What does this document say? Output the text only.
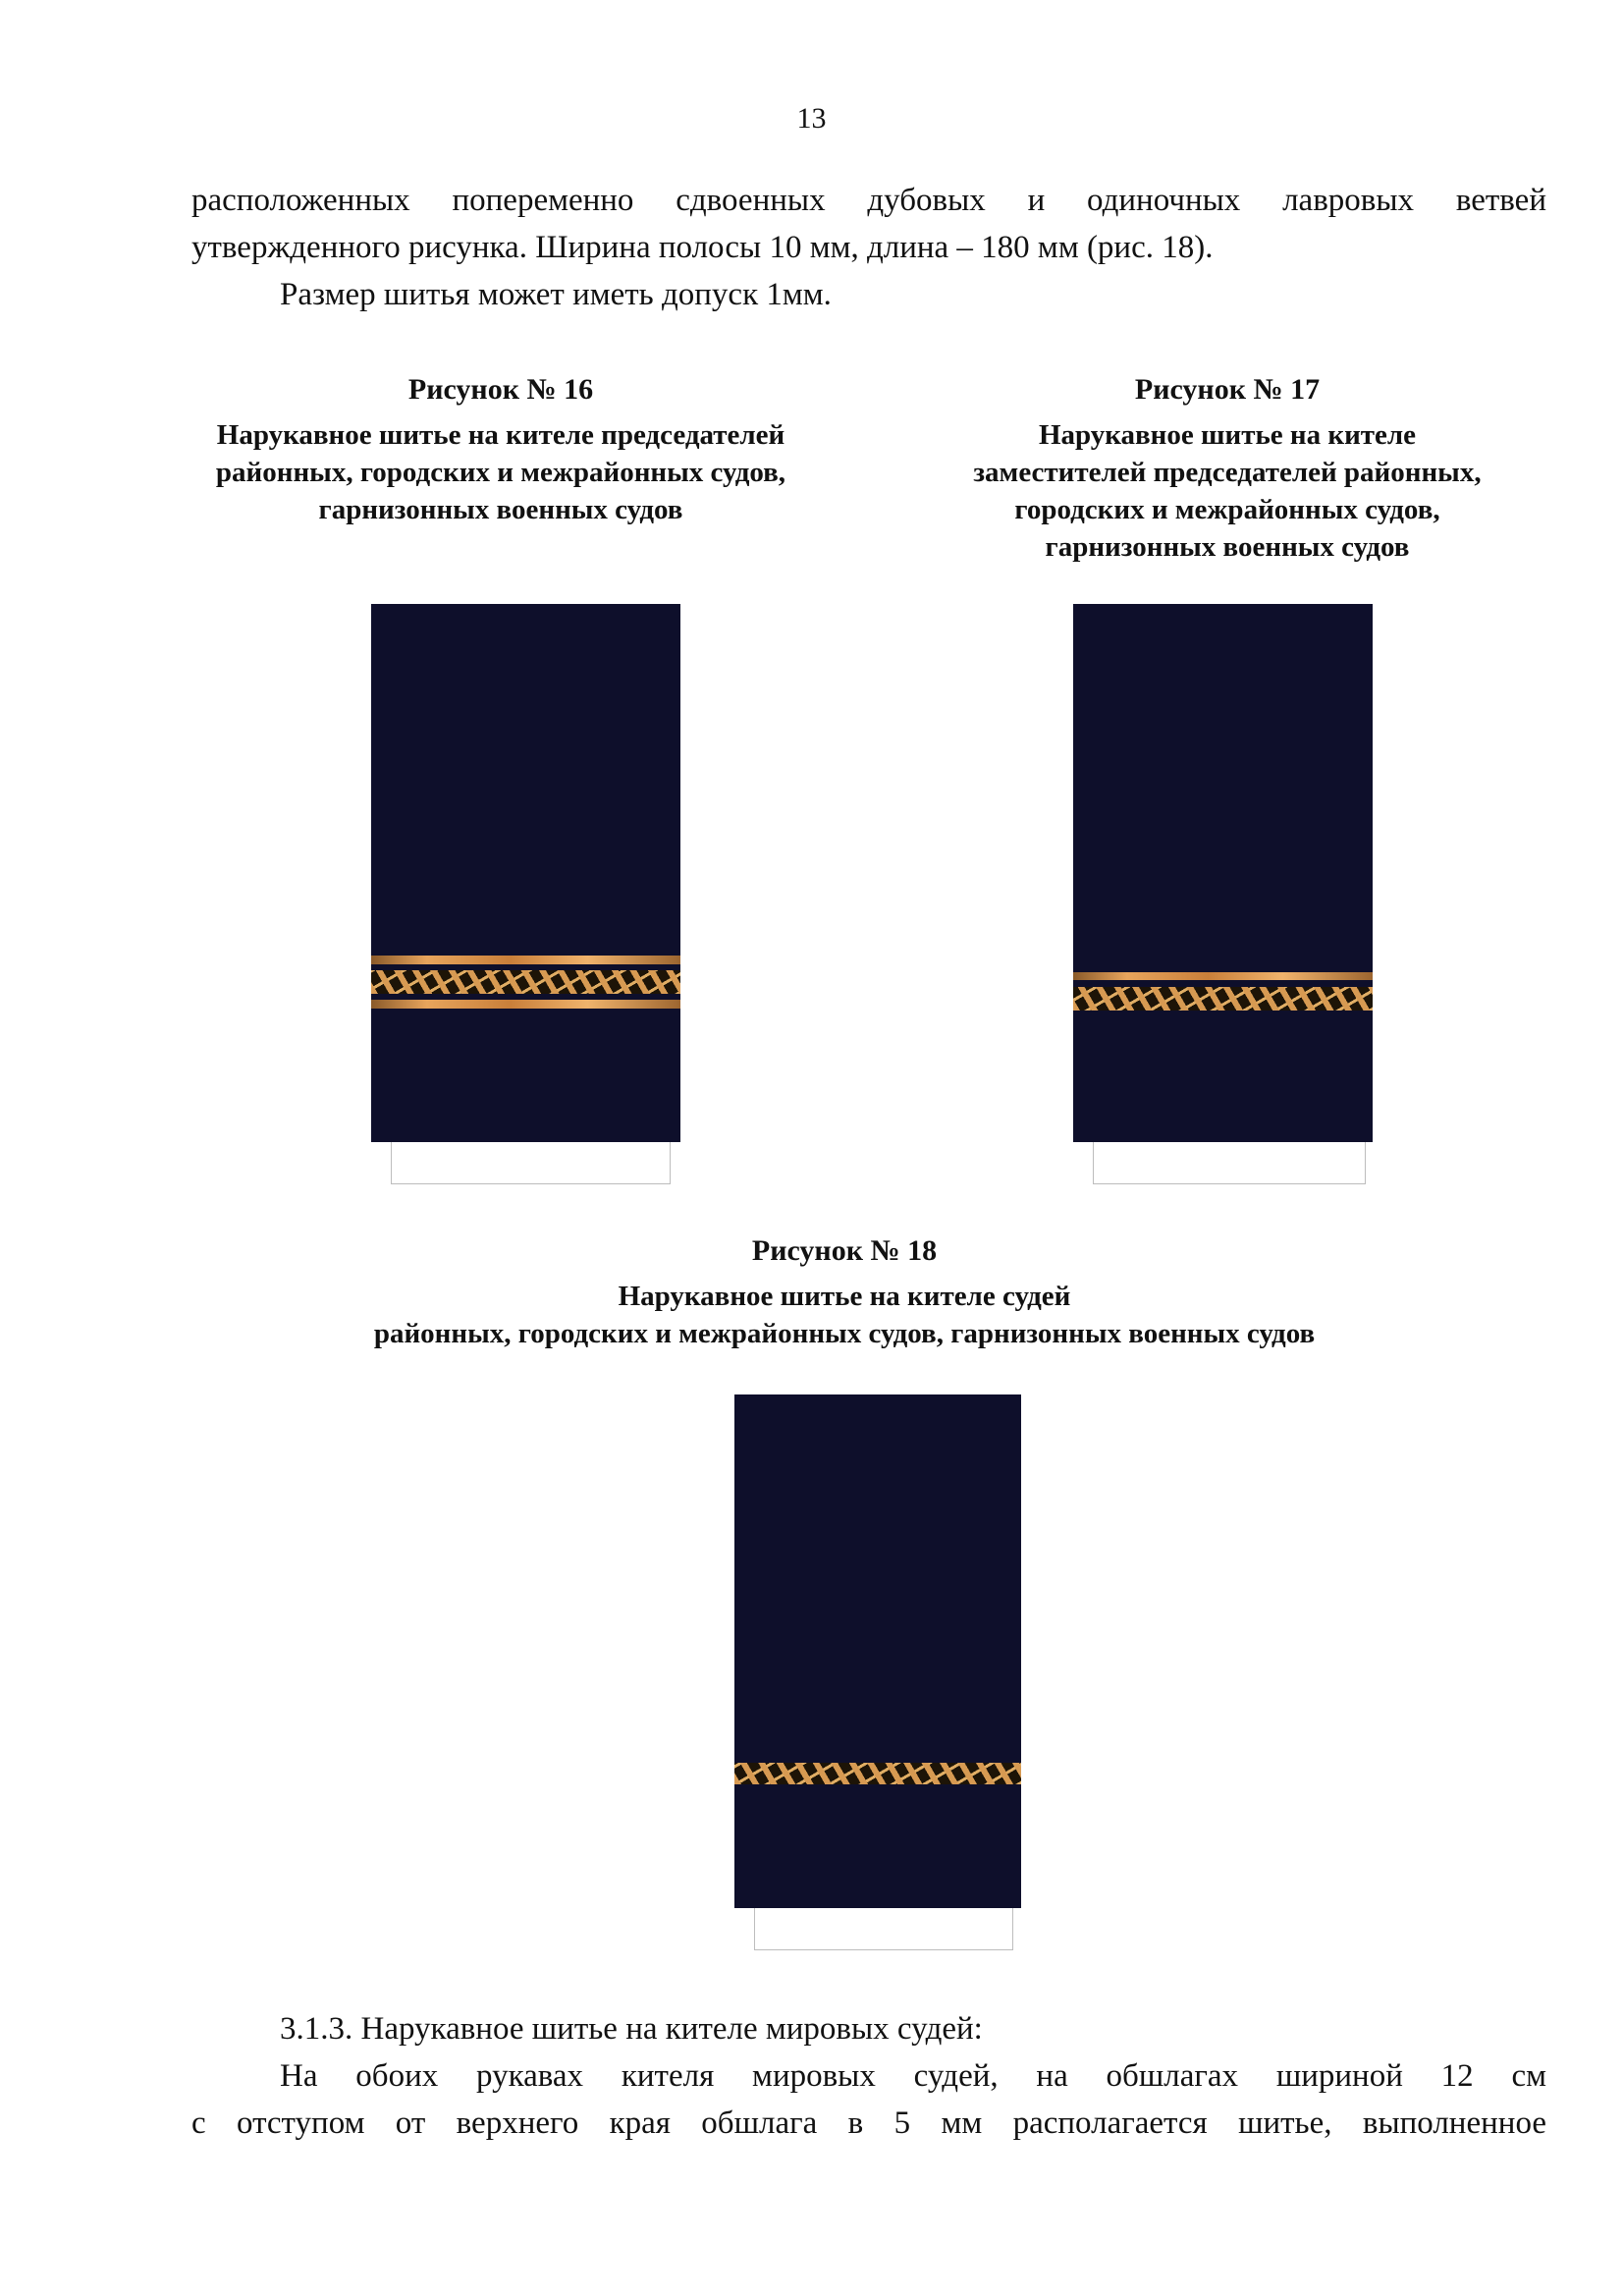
13
расположенных попеременно сдвоенных дубовых и одиночных лавровых ветвей
утвержденного рисунка. Ширина полосы 10 мм, длина – 180 мм (рис. 18).
Размер шитья может иметь допуск 1мм.
Рисунок № 16
Нарукавное шитье на кителе председателей
районных, городских и межрайонных судов,
гарнизонных военных судов
Рисунок № 17
Нарукавное шитье на кителе
заместителей председателей районных,
городских и межрайонных судов,
гарнизонных военных судов
Рисунок № 18
Нарукавное шитье на кителе судей
районных, городских и межрайонных судов, гарнизонных военных судов
3.1.3. Нарукавное шитье на кителе мировых судей:
На обоих рукавах кителя мировых судей, на обшлагах шириной 12 см
с отступом от верхнего края обшлага в 5 мм располагается шитье, выполненное
